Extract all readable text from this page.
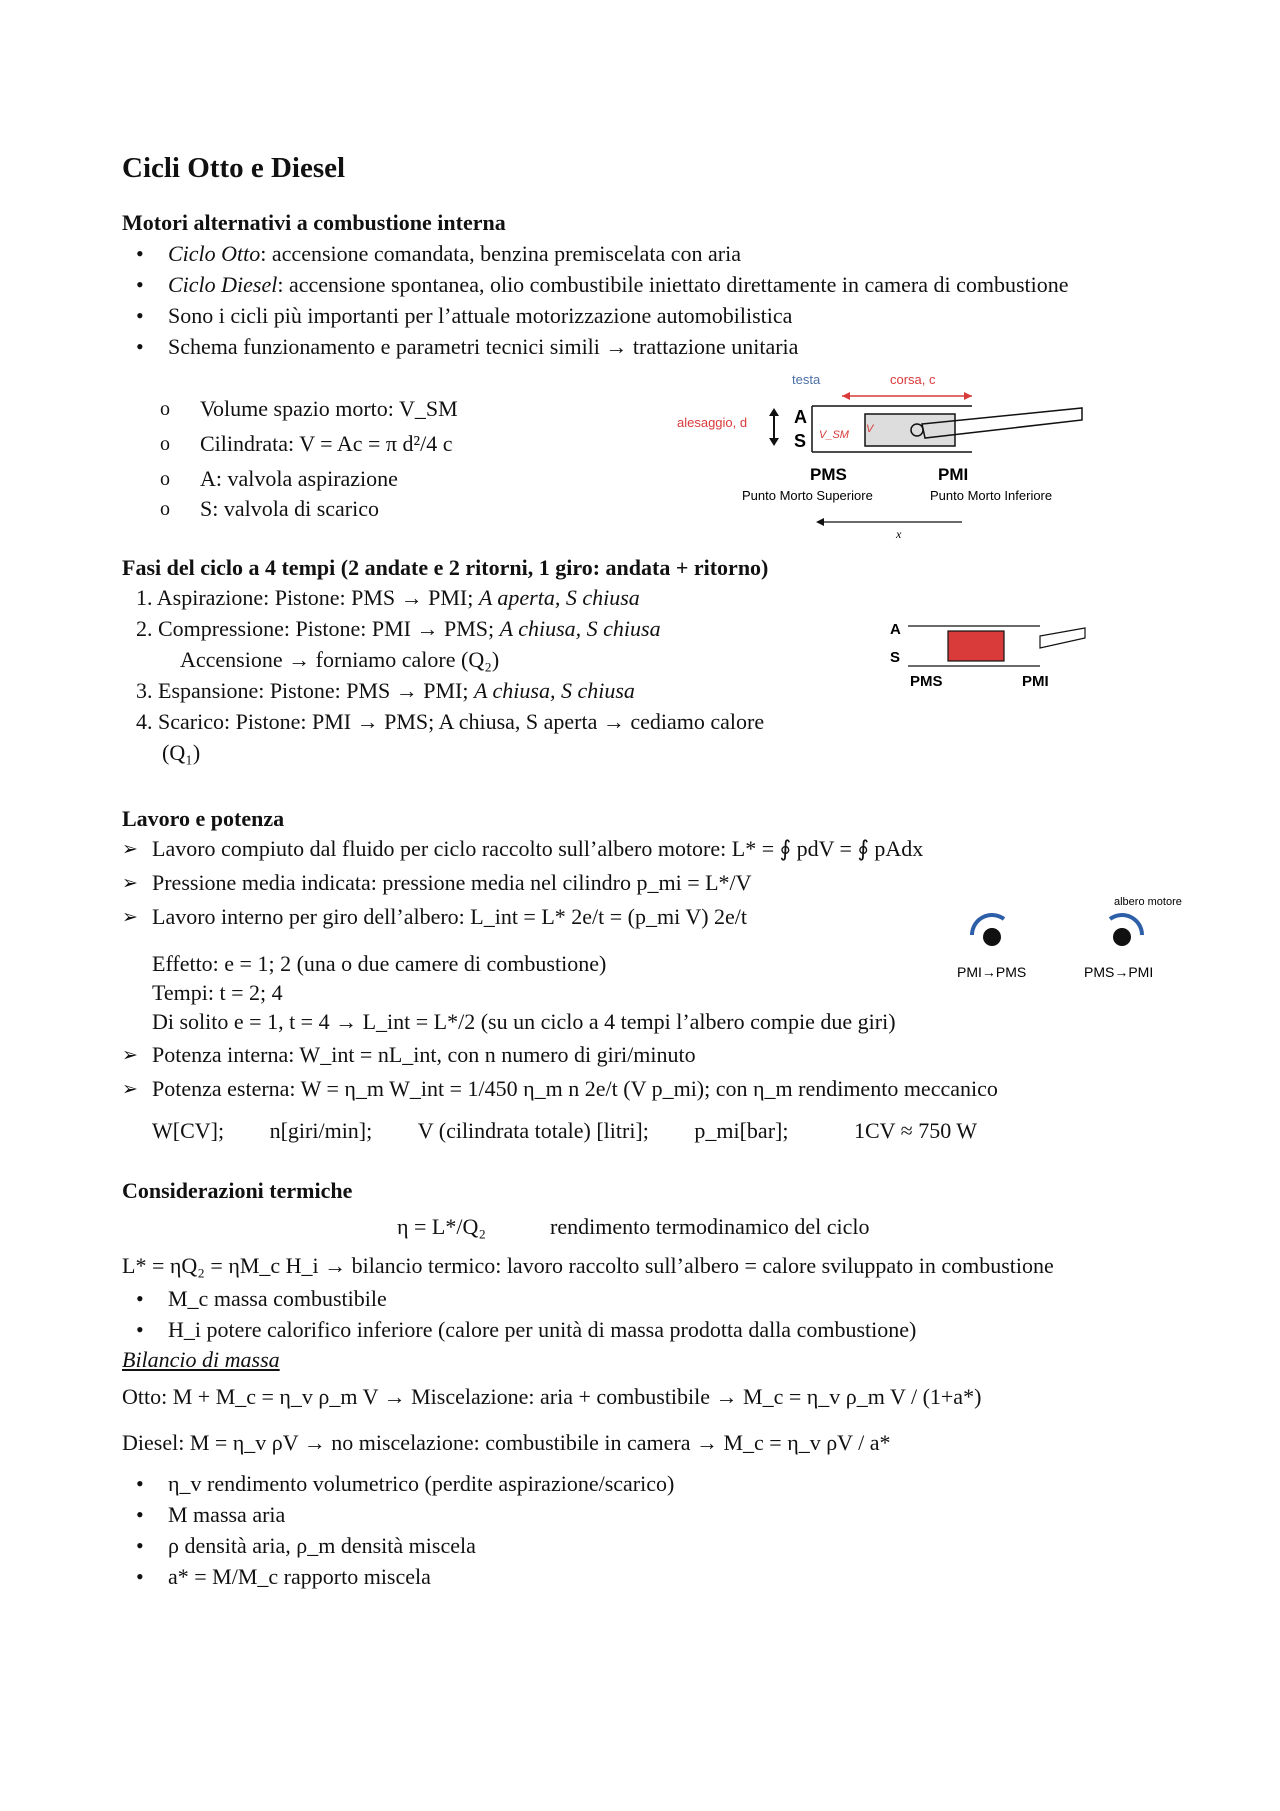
Cicli Otto e Diesel
Motori alternativi a combustione interna
• Ciclo Otto: accensione comandata, benzina premiscelata con aria
• Ciclo Diesel: accensione spontanea, olio combustibile iniettato direttamente in camera di combustione
• Sono i cicli più importanti per l’attuale motorizzazione automobilistica
• Schema funzionamento e parametri tecnici simili → trattazione unitaria
o Volume spazio morto: V_SM
o Cilindrata: V = Ac = π d²/4 c
o A: valvola aspirazione
o S: valvola di scarico
testa	corsa, c
alesaggio, d	A
S V_SM V
PMS	PMI
Punto Morto Superiore	Punto Morto Inferiore
x
Fasi del ciclo a 4 tempi (2 andate e 2 ritorni, 1 giro: andata + ritorno)
1. Aspirazione: Pistone: PMS → PMI; A aperta, S chiusa
2. Compressione: Pistone: PMI → PMS; A chiusa, S chiusa
Accensione → forniamo calore (Q₂)
3. Espansione: Pistone: PMS → PMI; A chiusa, S chiusa
4. Scarico: Pistone: PMI → PMS; A chiusa, S aperta → cediamo calore
(Q₁)
A
S
PMS	PMI
Lavoro e potenza
➢ Lavoro compiuto dal fluido per ciclo raccolto sull’albero motore: L* = ∮ pdV = ∮ pAdx
➢ Pressione media indicata: pressione media nel cilindro p_mi = L*/V
➢ Lavoro interno per giro dell’albero: L_int = L* 2e/t = (p_mi V) 2e/t
Effetto: e = 1; 2 (una o due camere di combustione)
Tempi: t = 2; 4
Di solito e = 1, t = 4 → L_int = L*/2 (su un ciclo a 4 tempi l’albero compie due giri)
➢ Potenza interna: W_int = nL_int, con n numero di giri/minuto
➢ Potenza esterna: W = η_m W_int = 1/450 η_m n 2e/t (V p_mi); con η_m rendimento meccanico
W[CV]; n[giri/min]; V (cilindrata totale) [litri]; p_mi[bar];	1CV ≈ 750 W
albero motore
PMI→PMS	PMS→PMI
Considerazioni termiche
η = L*/Q₂	rendimento termodinamico del ciclo
L* = ηQ₂ = ηM_c H_i → bilancio termico: lavoro raccolto sull’albero = calore sviluppato in combustione
• M_c massa combustibile
• H_i potere calorifico inferiore (calore per unità di massa prodotta dalla combustione)
Bilancio di massa
Otto: M + M_c = η_v ρ_m V → Miscelazione: aria + combustibile → M_c = η_v ρ_m V / (1+a*)
Diesel: M = η_v ρV → no miscelazione: combustibile in camera → M_c = η_v ρV / a*
• η_v rendimento volumetrico (perdite aspirazione/scarico)
• M massa aria
• ρ densità aria, ρ_m densità miscela
• a* = M/M_c rapporto miscela
